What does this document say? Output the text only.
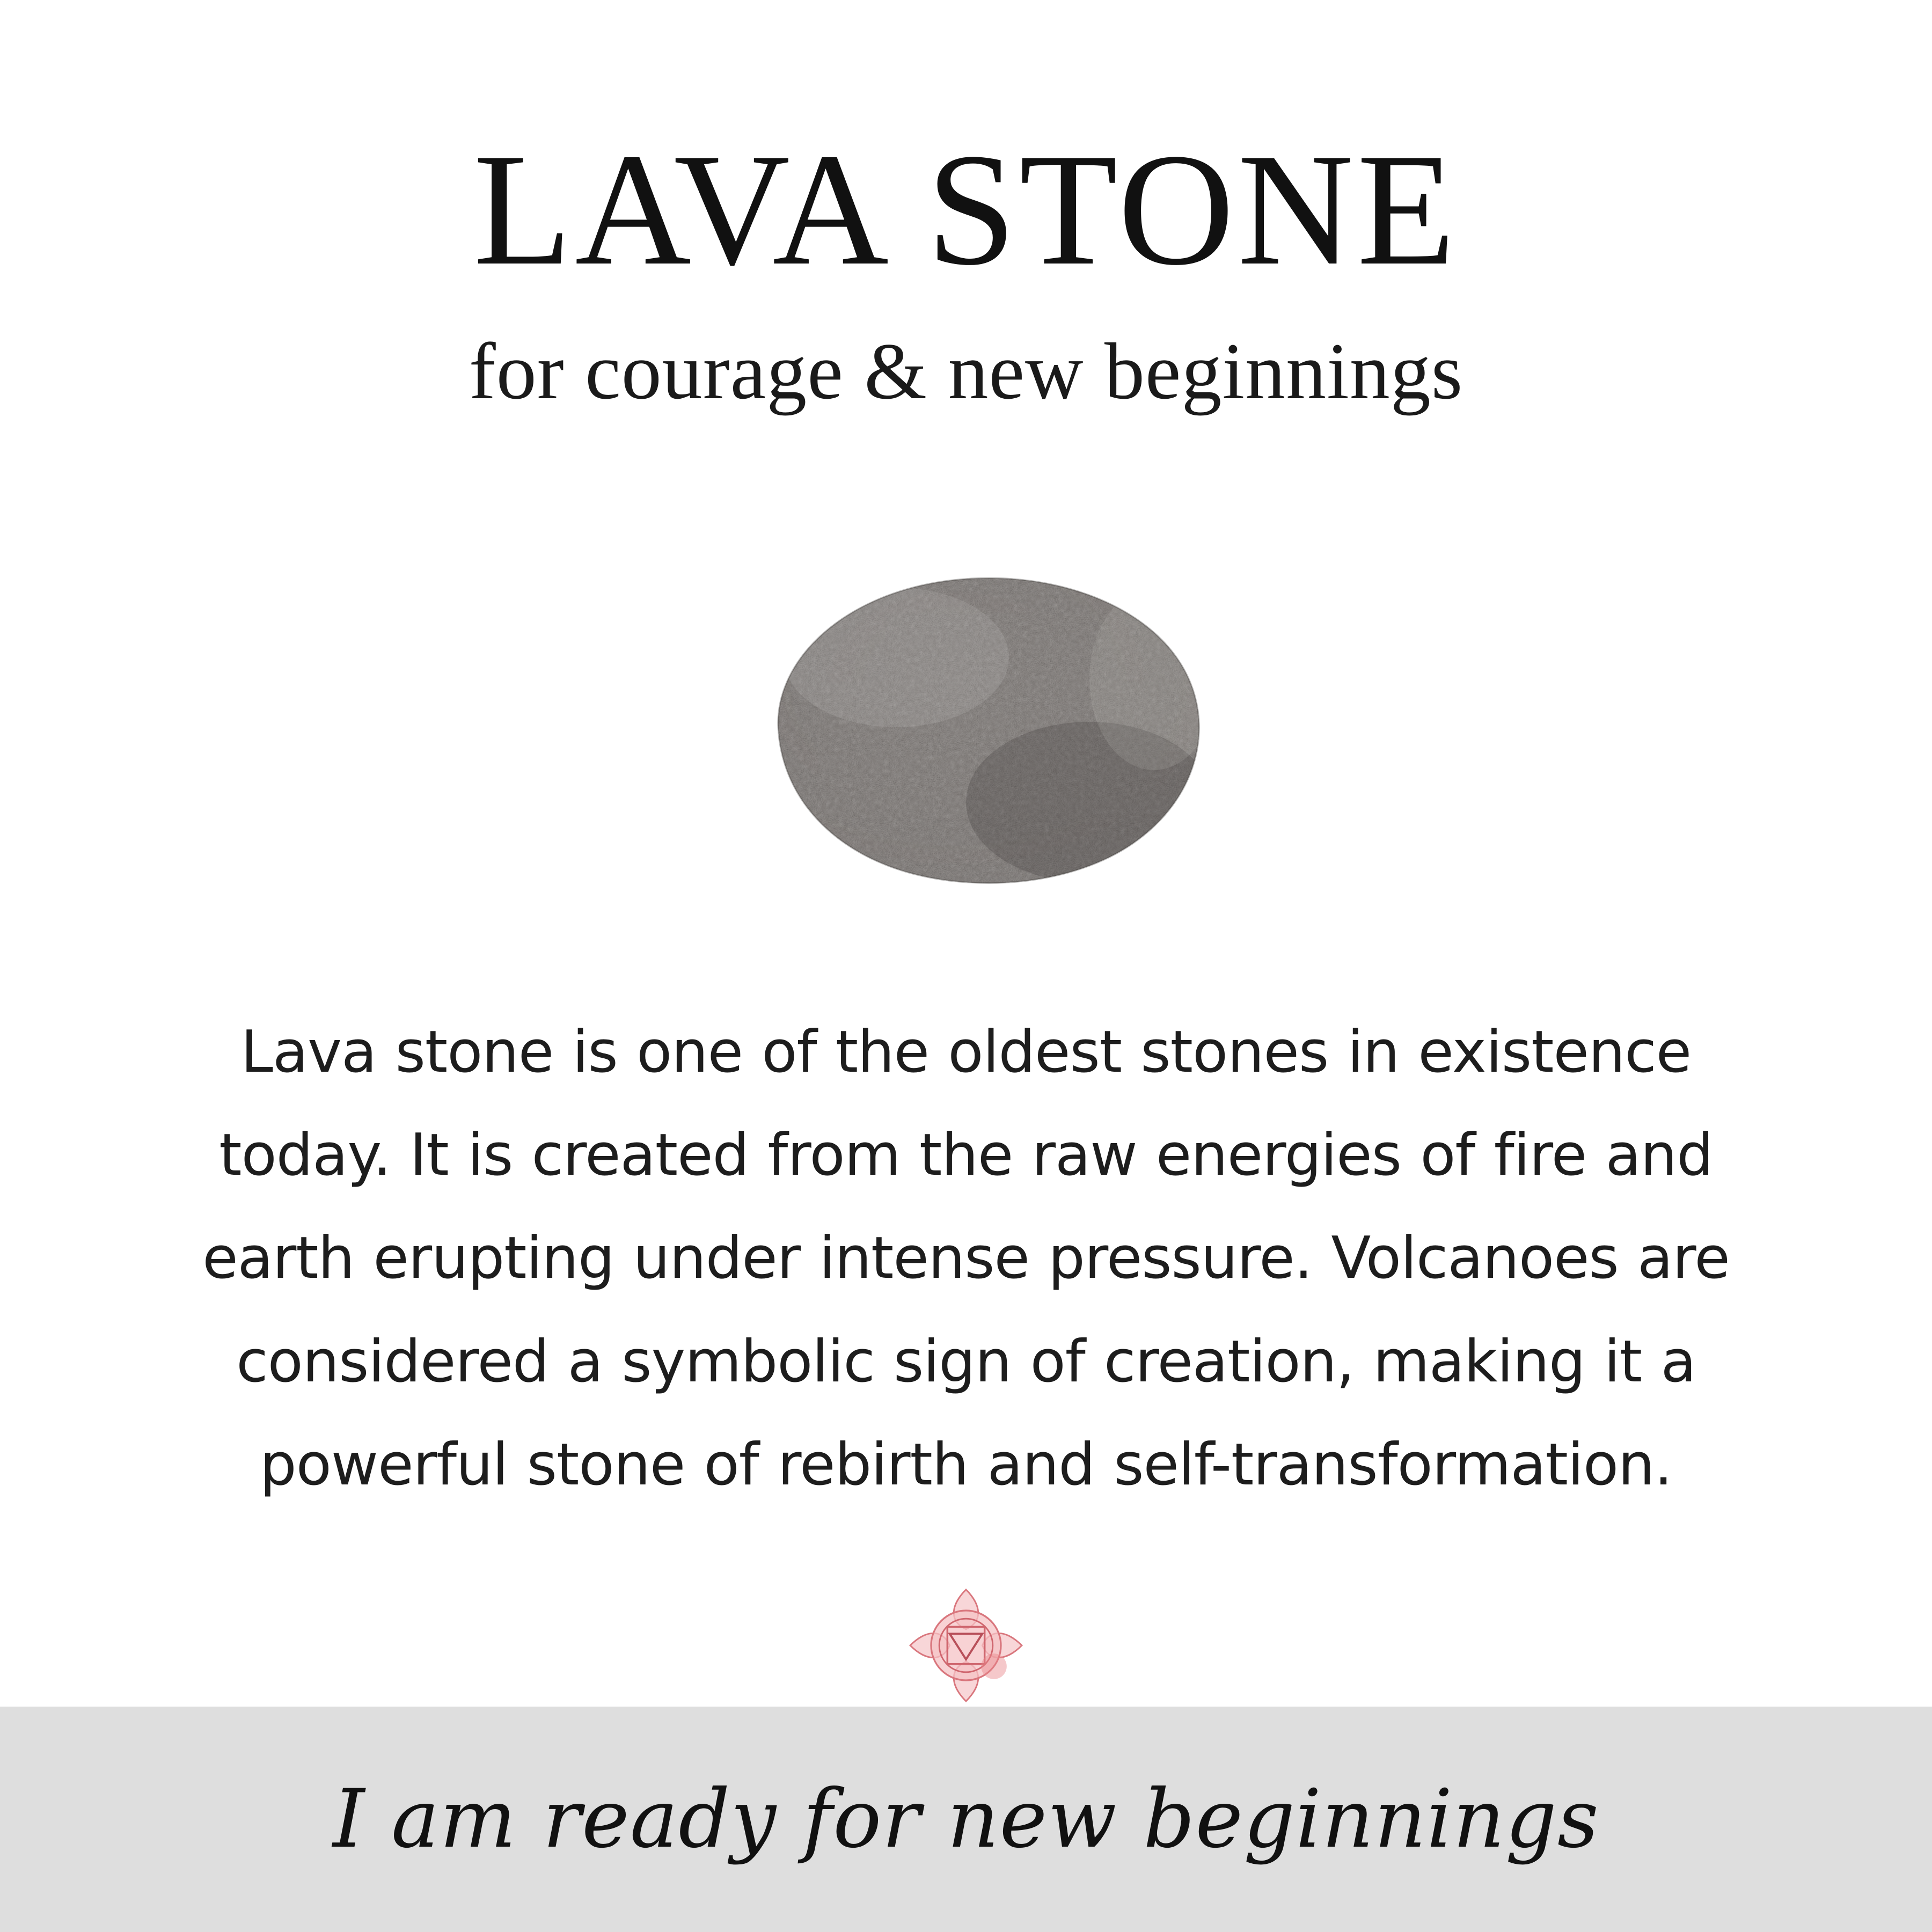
LAVA STONE
for courage & new beginnings
Lava stone is one of the oldest stones in existence today. It is created from the raw energies of fire and earth erupting under intense pressure. Volcanoes are considered a symbolic sign of creation, making it a powerful stone of rebirth and self-transformation.
I am ready for new beginnings
